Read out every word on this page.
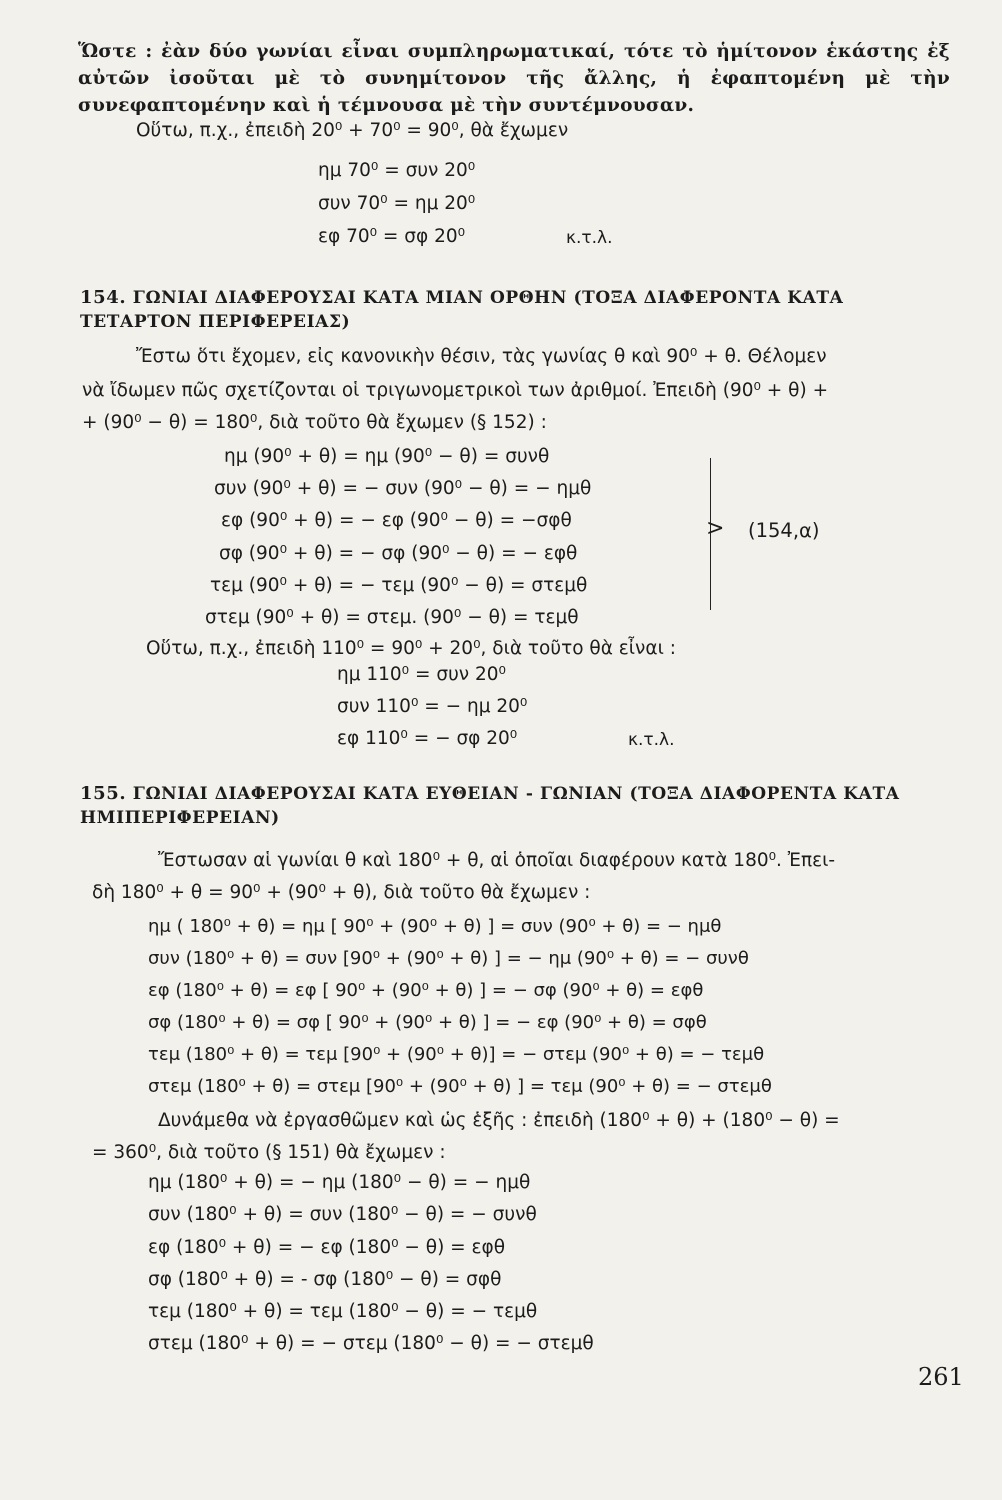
Ὥστε : ἐὰν δύο γωνίαι εἶναι συμπληρωματικαί, τότε τὸ ἡμίτονον ἑκάστης ἐξ αὐτῶν ἰσοῦται μὲ τὸ συνημίτονον τῆς ἄλλης, ἡ ἐφαπτομένη μὲ τὴν συνεφαπτομένην καὶ ἡ τέμνουσα μὲ τὴν συντέμνουσαν.
Οὕτω, π.χ., ἐπειδὴ 20⁰ + 70⁰ = 90⁰, θὰ ἔχωμεν
ημ 70⁰ = συν 20⁰
συν 70⁰ = ημ 20⁰
εφ 70⁰ = σφ 20⁰	κ.τ.λ.
154. ΓΩΝΙΑΙ ΔΙΑΦΕΡΟΥΣΑΙ ΚΑΤΑ ΜΙΑΝ ΟΡΘΗΝ (ΤΟΞΑ ΔΙΑΦΕΡΟΝΤΑ ΚΑΤΑ ΤΕΤΑΡΤΟΝ ΠΕΡΙΦΕΡΕΙΑΣ)
Ἔστω ὅτι ἔχομεν, εἰς κανονικὴν θέσιν, τὰς γωνίας θ καὶ 90⁰ + θ. Θέλομεν
νὰ ἴδωμεν πῶς σχετίζονται οἱ τριγωνομετρικοὶ των ἀριθμοί. Ἐπειδὴ (90⁰ + θ) +
+ (90⁰ − θ) = 180⁰, διὰ τοῦτο θὰ ἔχωμεν (§ 152) :
ημ (90⁰ + θ) = ημ (90⁰ − θ) = συνθ
συν (90⁰ + θ) = − συν (90⁰ − θ) = − ημθ
εφ (90⁰ + θ) = − εφ (90⁰ − θ) = −σφθ
σφ (90⁰ + θ) = − σφ (90⁰ − θ) = − εφθ
τεμ (90⁰ + θ) = − τεμ (90⁰ − θ) = στεμθ
στεμ (90⁰ + θ) = στεμ. (90⁰ − θ) = τεμθ
> (154,α)
Οὕτω, π.χ., ἐπειδὴ 110⁰ = 90⁰ + 20⁰, διὰ τοῦτο θὰ εἶναι :
ημ 110⁰ = συν 20⁰
συν 110⁰ = − ημ 20⁰
εφ 110⁰ = − σφ 20⁰	κ.τ.λ.
155. ΓΩΝΙΑΙ ΔΙΑΦΕΡΟΥΣΑΙ ΚΑΤΑ ΕΥΘΕΙΑΝ - ΓΩΝΙΑΝ (ΤΟΞΑ ΔΙΑΦΟΡΕΝΤΑ ΚΑΤΑ ΗΜΙΠΕΡΙΦΕΡΕΙΑΝ)
Ἔστωσαν αἱ γωνίαι θ καὶ 180⁰ + θ, αἱ ὁποῖαι διαφέρουν κατὰ 180⁰. Ἐπει-
δὴ 180⁰ + θ = 90⁰ + (90⁰ + θ), διὰ τοῦτο θὰ ἔχωμεν :
ημ ( 180⁰ + θ) = ημ [ 90⁰ + (90⁰ + θ) ] = συν (90⁰ + θ) = − ημθ
συν (180⁰ + θ) = συν [90⁰ + (90⁰ + θ) ] = − ημ (90⁰ + θ) = − συνθ
εφ (180⁰ + θ) = εφ [ 90⁰ + (90⁰ + θ) ] = − σφ (90⁰ + θ) = εφθ
σφ (180⁰ + θ) = σφ [ 90⁰ + (90⁰ + θ) ] = − εφ (90⁰ + θ) = σφθ
τεμ (180⁰ + θ) = τεμ [90⁰ + (90⁰ + θ)] = − στεμ (90⁰ + θ) = − τεμθ
στεμ (180⁰ + θ) = στεμ [90⁰ + (90⁰ + θ) ] = τεμ (90⁰ + θ) = − στεμθ
Δυνάμεθα νὰ ἐργασθῶμεν καὶ ὡς ἑξῆς : ἐπειδὴ (180⁰ + θ) + (180⁰ − θ) =
= 360⁰, διὰ τοῦτο (§ 151) θὰ ἔχωμεν :
ημ (180⁰ + θ) = − ημ (180⁰ − θ) = − ημθ
συν (180⁰ + θ) = συν (180⁰ − θ) = − συνθ
εφ (180⁰ + θ) = − εφ (180⁰ − θ) = εφθ
σφ (180⁰ + θ) = - σφ (180⁰ − θ) = σφθ
τεμ (180⁰ + θ) = τεμ (180⁰ − θ) = − τεμθ
στεμ (180⁰ + θ) = − στεμ (180⁰ − θ) = − στεμθ
261
